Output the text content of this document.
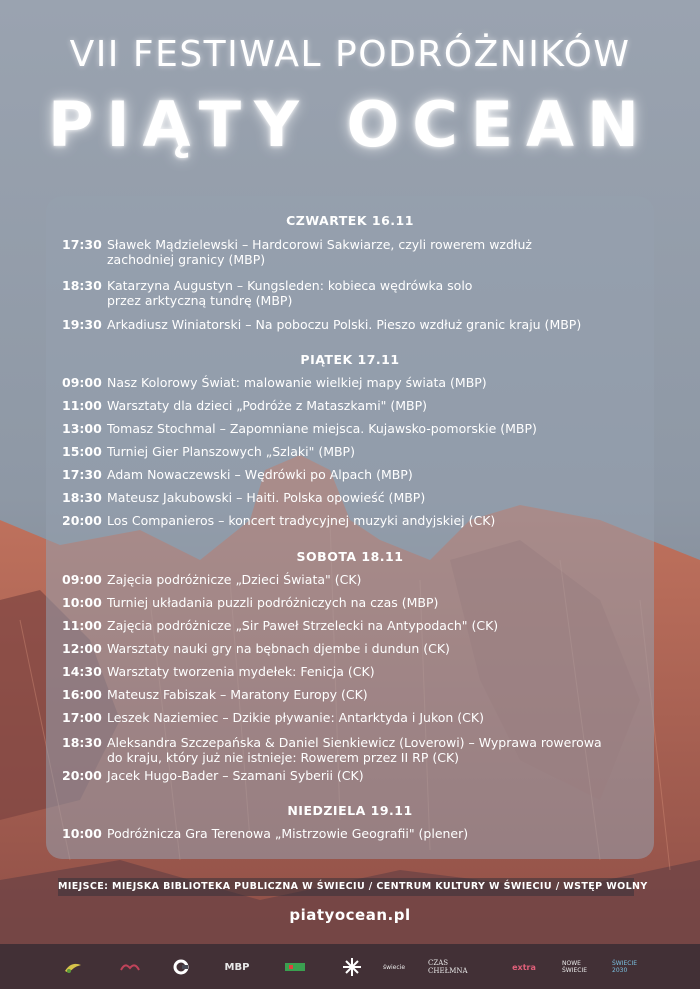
VII FESTIWAL PODRÓŻNIKÓW
PIĄTY OCEAN
CZWARTEK 16.11
17:30 Sławek Mądzielewski – Hardcorowi Sakwiarze, czyli rowerem wzdłuż
zachodniej granicy (MBP)
18:30 Katarzyna Augustyn – Kungsleden: kobieca wędrówka solo
przez arktyczną tundrę (MBP)
19:30 Arkadiusz Winiatorski – Na poboczu Polski. Pieszo wzdłuż granic kraju (MBP)
PIĄTEK 17.11
09:00 Nasz Kolorowy Świat: malowanie wielkiej mapy świata (MBP)
11:00 Warsztaty dla dzieci „Podróże z Mataszkami" (MBP)
13:00 Tomasz Stochmal – Zapomniane miejsca. Kujawsko-pomorskie (MBP)
15:00 Turniej Gier Planszowych „Szlaki" (MBP)
17:30 Adam Nowaczewski – Wędrówki po Alpach (MBP)
18:30 Mateusz Jakubowski – Haiti. Polska opowieść (MBP)
20:00 Los Companieros – koncert tradycyjnej muzyki andyjskiej (CK)
SOBOTA 18.11
09:00 Zajęcia podróżnicze „Dzieci Świata" (CK)
10:00 Turniej układania puzzli podróżniczych na czas (MBP)
11:00 Zajęcia podróżnicze „Sir Paweł Strzelecki na Antypodach" (CK)
12:00 Warsztaty nauki gry na bębnach djembe i dundun (CK)
14:30 Warsztaty tworzenia mydełek: Fenicja (CK)
16:00 Mateusz Fabiszak – Maratony Europy (CK)
17:00 Leszek Naziemiec – Dzikie pływanie: Antarktyda i Jukon (CK)
18:30 Aleksandra Szczepańska & Daniel Sienkiewicz (Loverowi) – Wyprawa rowerowa
do kraju, który już nie istnieje: Rowerem przez II RP (CK)
20:00 Jacek Hugo-Bader – Szamani Syberii (CK)
NIEDZIELA 19.11
10:00 Podróżnicza Gra Terenowa „Mistrzowie Geografii" (plener)
MIEJSCE: MIEJSKA BIBLIOTEKA PUBLICZNA W ŚWIECIU / CENTRUM KULTURY W ŚWIECIU / WSTĘP WOLNY
piatyocean.pl
MBP	świecie	CZAS CHEŁMNA	extra	NOWE ŚWIECIE
ŚWIECIE 2030
